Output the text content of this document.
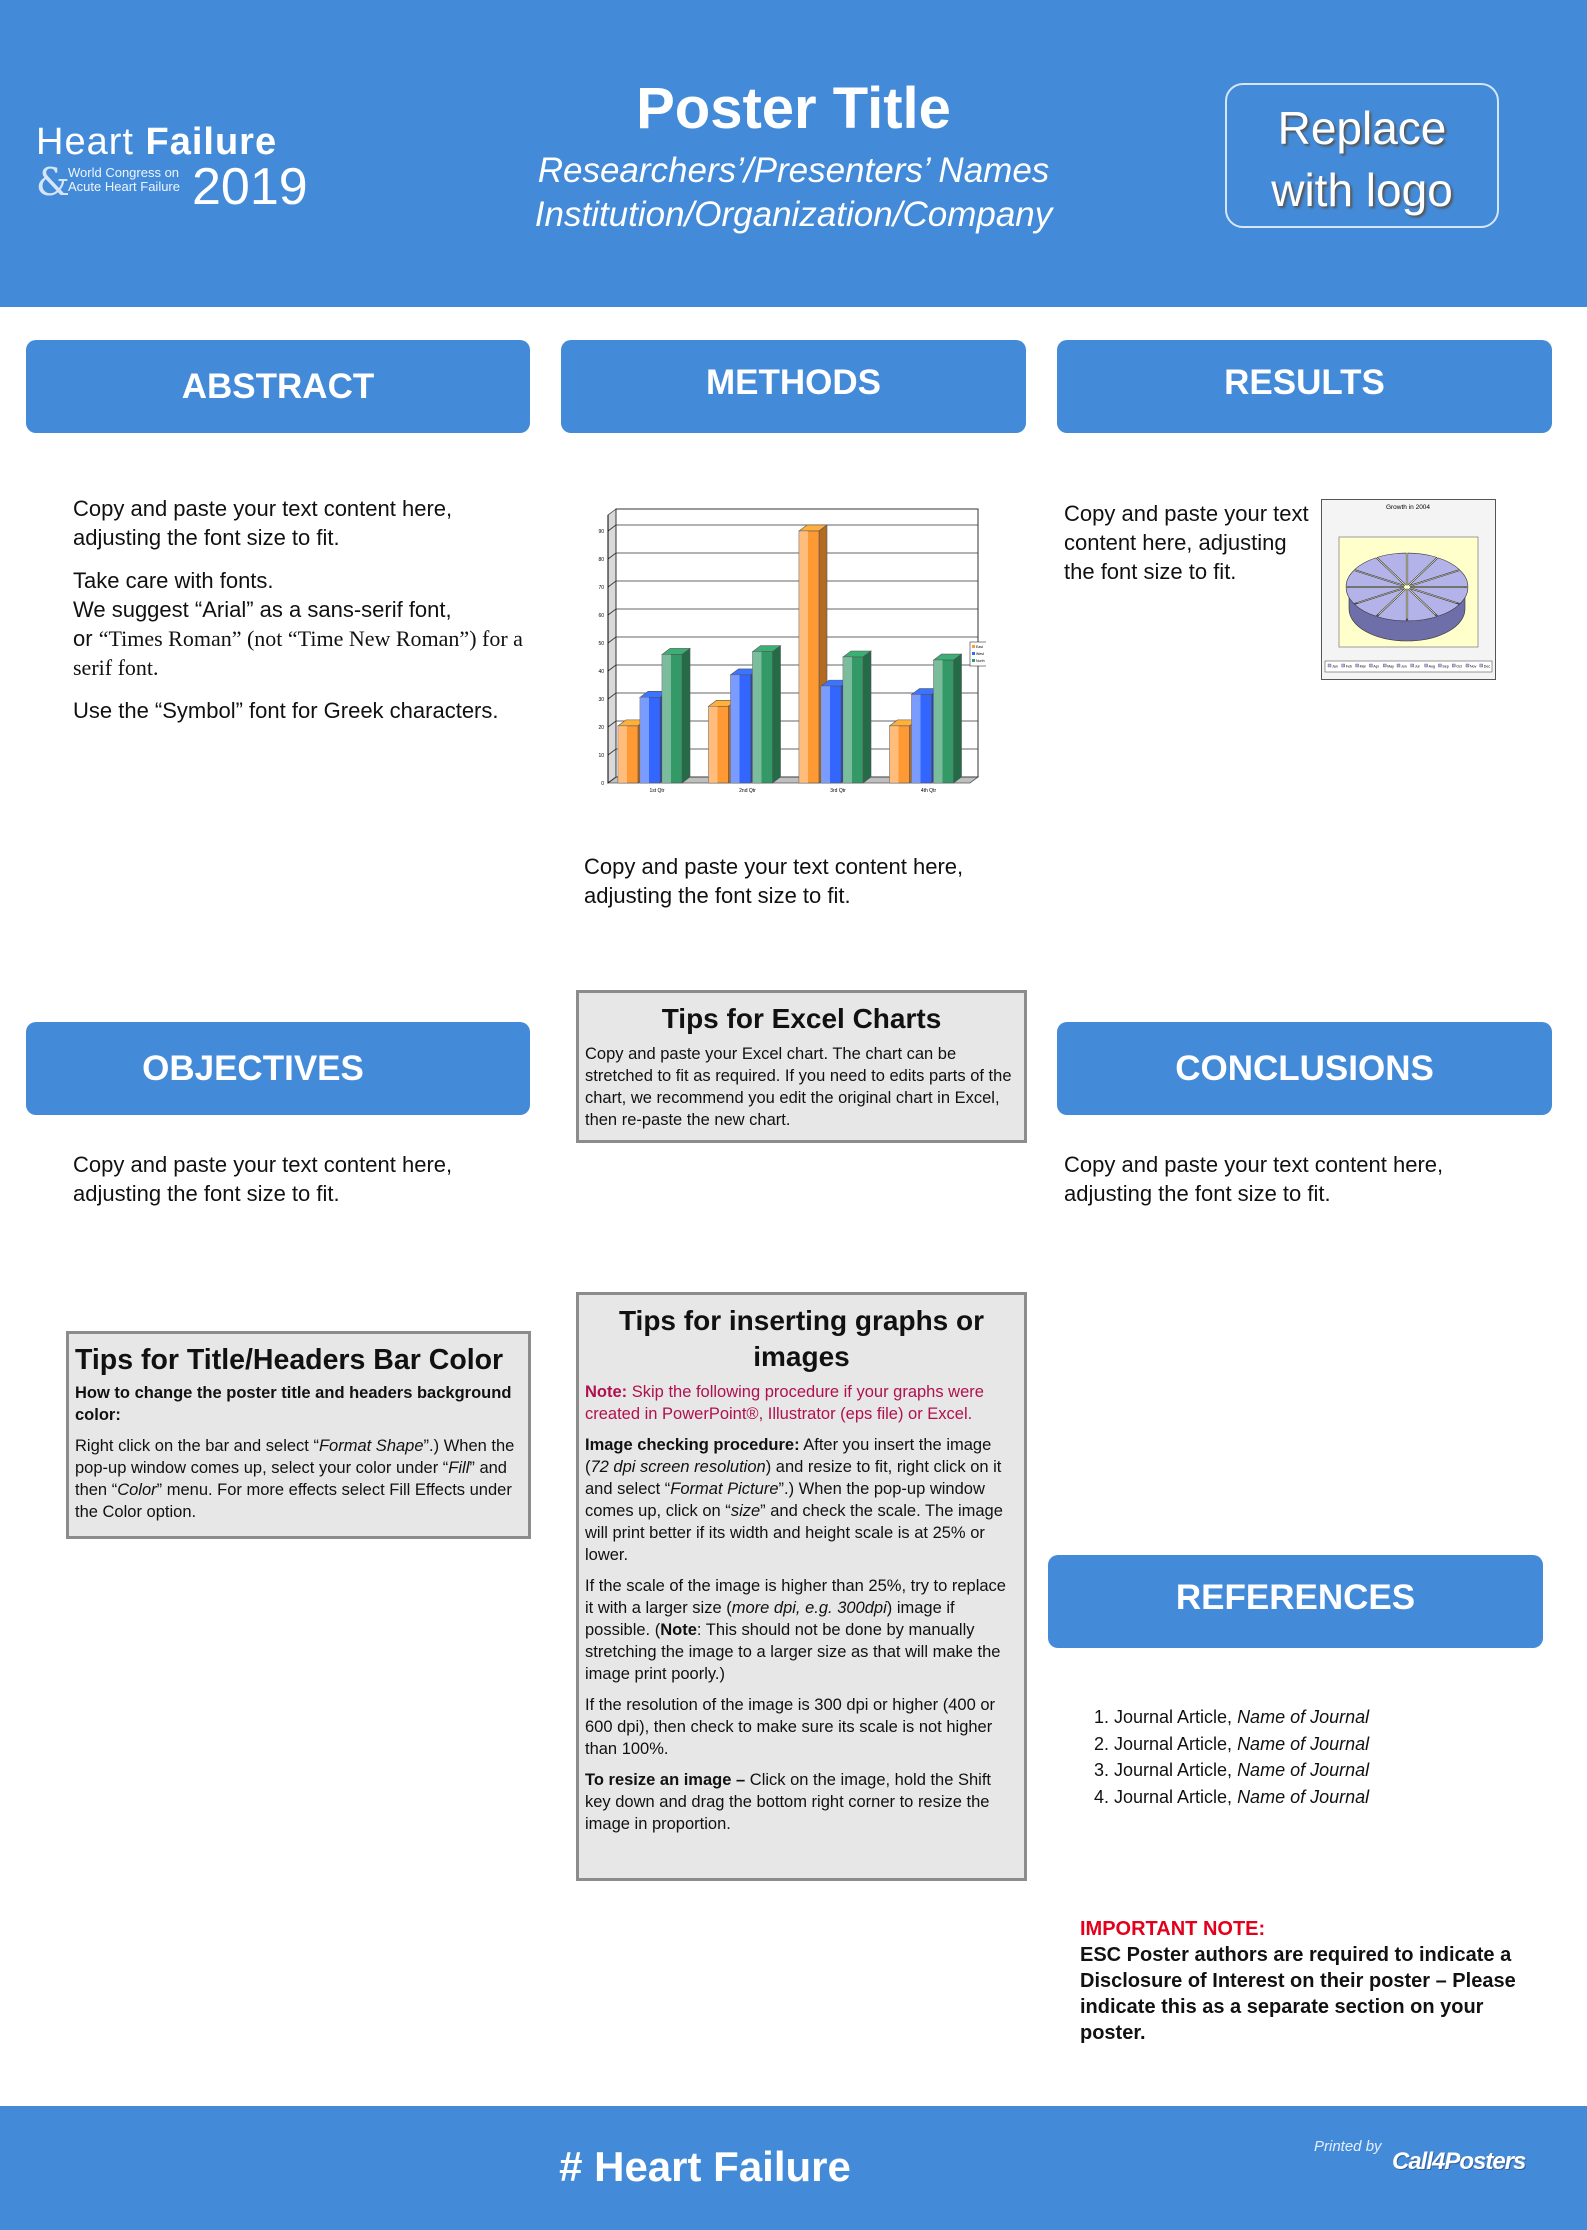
Heart Failure
&
World Congress on
Acute Heart Failure 2019
Poster Title
Researchers’/Presenters’ Names
Institution/Organization/Company
Replace
with logo
ABSTRACT	METHODS	RESULTS
OBJECTIVES	CONCLUSIONS
REFERENCES

Copy and paste your text content here, adjusting the font size to fit.

Take care with fonts.
We suggest “Arial” as a sans-serif font,
or “Times Roman” (not “Time New Roman”) for a serif font.

Use the “Symbol” font for Greek characters.

0
10
20
30
40
50
60
70
80
90
1st Qtr	2nd Qtr	3rd Qtr	4th Qtr
East
West
North
Copy and paste your text content here, adjusting the font size to fit.
Copy and paste your text content here, adjusting the font size to fit.
Growth in 2004
Jan Feb Mar Apr May Jun Jul	Aug Sep Oct Nov Dec
Tips for Excel Charts

Copy and paste your Excel chart. The chart can be stretched to fit as required. If you need to edits parts of the chart, we recommend you edit the original chart in Excel, then re-paste the new chart.

Copy and paste your text content here, adjusting the font size to fit.
Copy and paste your text content here, adjusting the font size to fit.
Tips for Title/Headers Bar Color

How to change the poster title and headers background color:

Right click on the bar and select “Format Shape”.) When the pop-up window comes up, select your color under “Fill” and then “Color” menu. For more effects select Fill Effects under the Color option.

Tips for inserting graphs or images

Note: Skip the following procedure if your graphs were created in PowerPoint®, Illustrator (eps file) or Excel.

Image checking procedure: After you insert the image (72 dpi screen resolution) and resize to fit, right click on it and select “Format Picture”.) When the pop-up window comes up, click on “size” and check the scale. The image will print better if its width and height scale is at 25% or lower.

If the scale of the image is higher than 25%, try to replace it with a larger size (more dpi, e.g. 300dpi) image if possible. (Note: This should not be done by manually stretching the image to a larger size as that will make the image print poorly.)

If the resolution of the image is 300 dpi or higher (400 or 600 dpi), then check to make sure its scale is not higher than 100%.

To resize an image – Click on the image, hold the Shift key down and drag the bottom right corner to resize the image in proportion.

1. Journal Article, Name of Journal
2. Journal Article, Name of Journal
3. Journal Article, Name of Journal
4. Journal Article, Name of Journal
IMPORTANT NOTE:
ESC Poster authors are required to indicate a Disclosure of Interest on their poster – Please indicate this as a separate section on your poster.
# Heart Failure	Printed by
Call4Posters
